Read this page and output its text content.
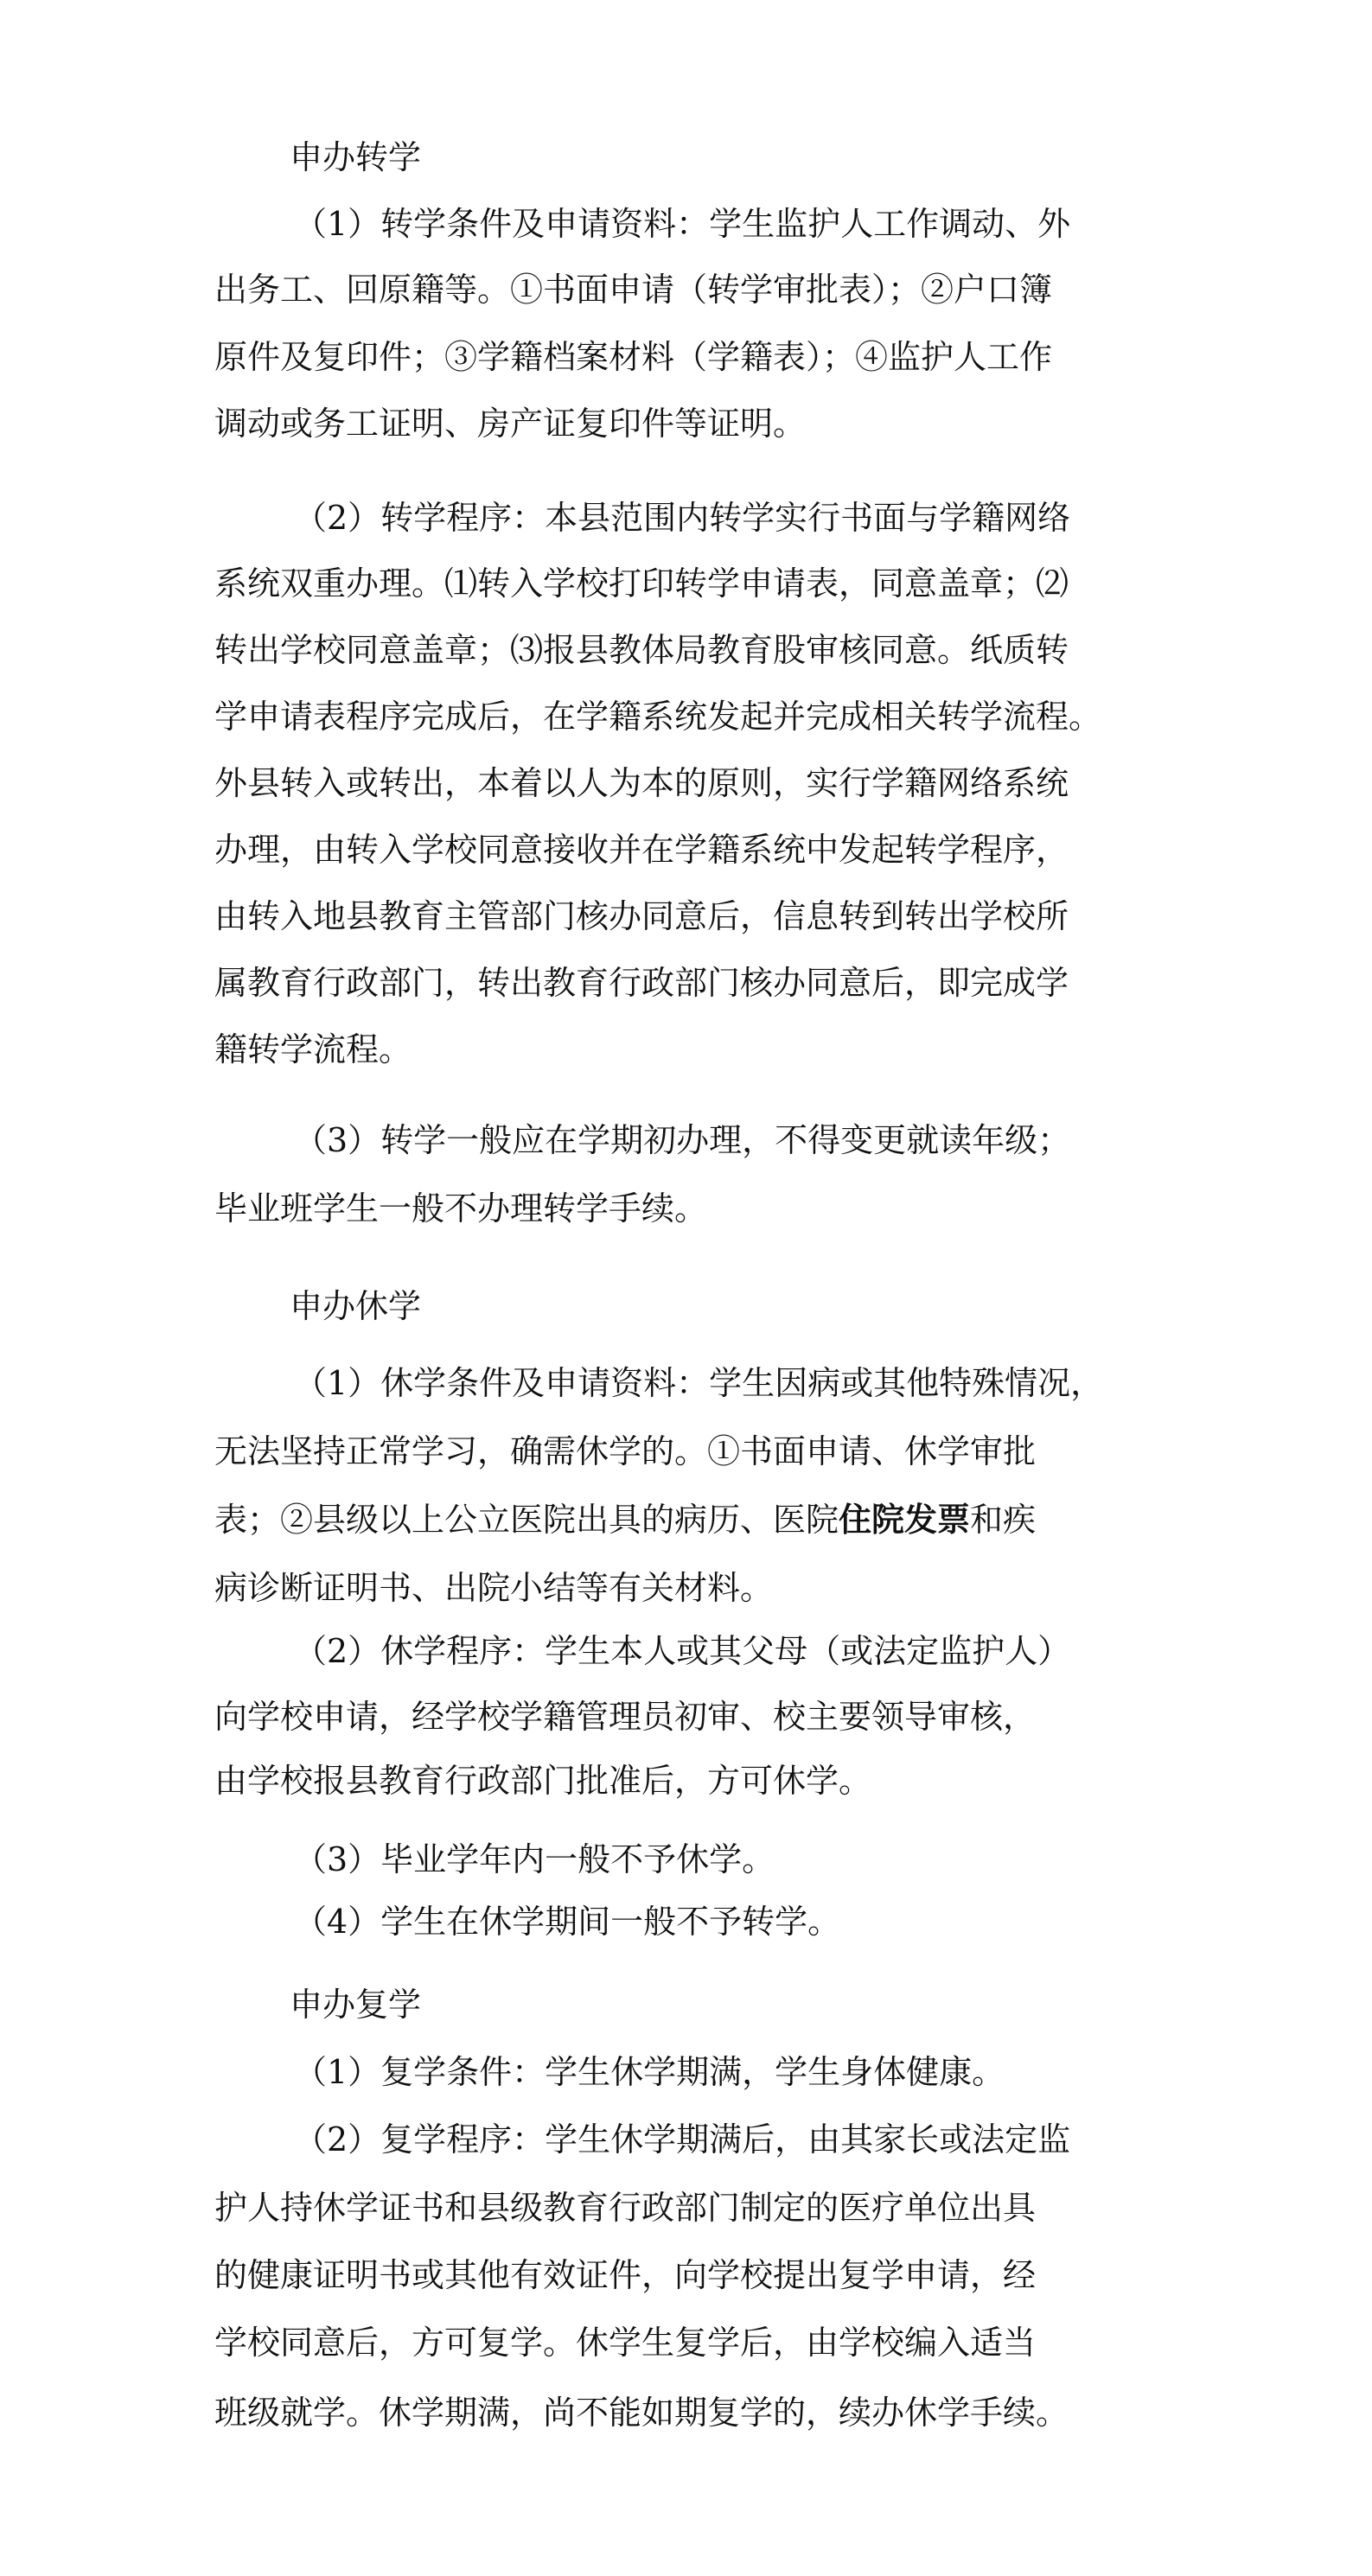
申办转学

（1）转学条件及申请资料：学生监护人工作调动、外

出务工、回原籍等。①书面申请（转学审批表）；②户口簿

原件及复印件；③学籍档案材料（学籍表）；④监护人工作

调动或务工证明、房产证复印件等证明。

（2）转学程序：本县范围内转学实行书面与学籍网络

系统双重办理。⑴转入学校打印转学申请表，同意盖章；⑵

转出学校同意盖章；⑶报县教体局教育股审核同意。纸质转

学申请表程序完成后，在学籍系统发起并完成相关转学流程。

外县转入或转出，本着以人为本的原则，实行学籍网络系统

办理，由转入学校同意接收并在学籍系统中发起转学程序，

由转入地县教育主管部门核办同意后，信息转到转出学校所

属教育行政部门，转出教育行政部门核办同意后，即完成学

籍转学流程。

（3）转学一般应在学期初办理，不得变更就读年级；

毕业班学生一般不办理转学手续。

申办休学

（1）休学条件及申请资料：学生因病或其他特殊情况，

无法坚持正常学习，确需休学的。①书面申请、休学审批

表；②县级以上公立医院出具的病历、医院住院发票和疾

病诊断证明书、出院小结等有关材料。

（2）休学程序：学生本人或其父母（或法定监护人）

向学校申请，经学校学籍管理员初审、校主要领导审核，

由学校报县教育行政部门批准后，方可休学。

（3）毕业学年内一般不予休学。

（4）学生在休学期间一般不予转学。

申办复学

（1）复学条件：学生休学期满，学生身体健康。

（2）复学程序：学生休学期满后，由其家长或法定监

护人持休学证书和县级教育行政部门制定的医疗单位出具

的健康证明书或其他有效证件，向学校提出复学申请，经

学校同意后，方可复学。休学生复学后，由学校编入适当

班级就学。休学期满，尚不能如期复学的，续办休学手续。
